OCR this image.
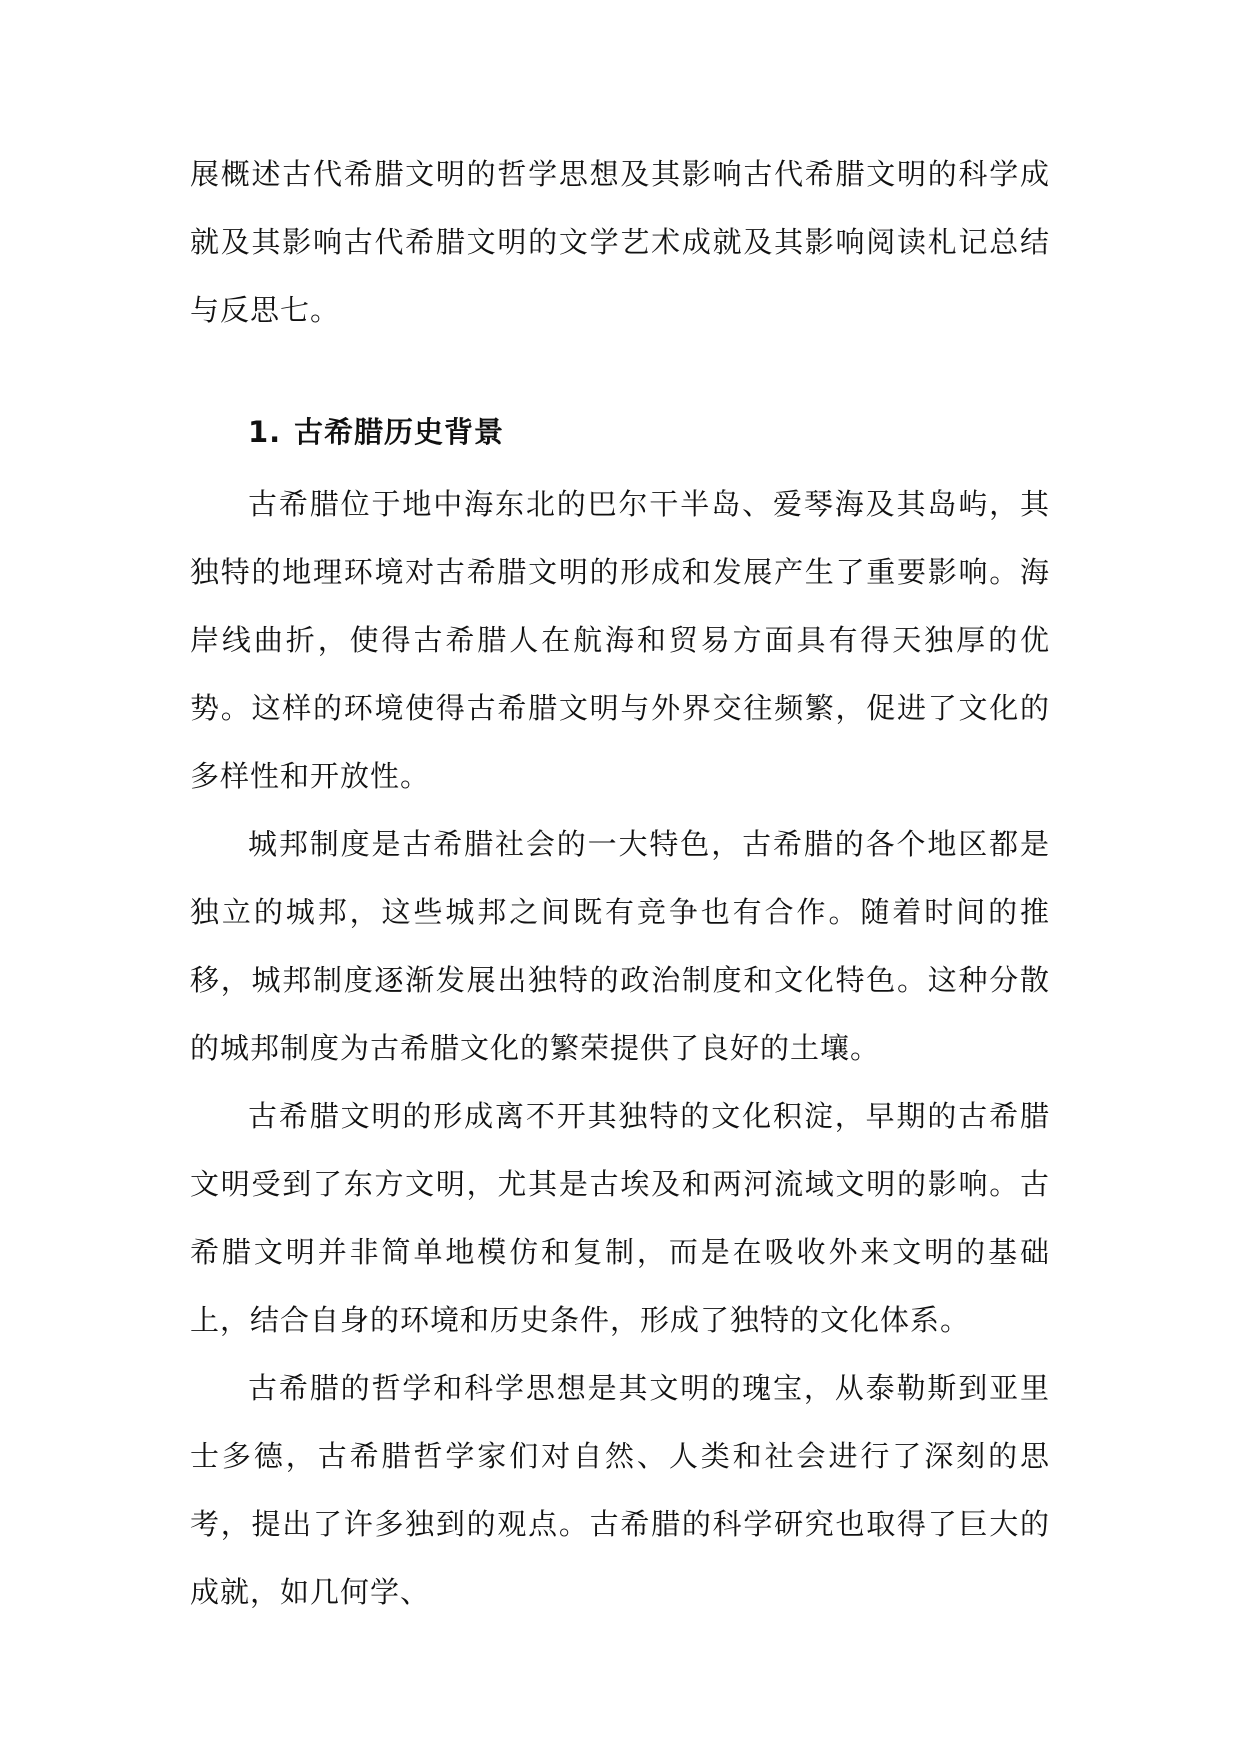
展概述古代希腊文明的哲学思想及其影响古代希腊文明的科学成就及其影响古代希腊文明的文学艺术成就及其影响阅读札记总结与反思七。
1. 古希腊历史背景

古希腊位于地中海东北的巴尔干半岛、爱琴海及其岛屿，其独特的地理环境对古希腊文明的形成和发展产生了重要影响。海岸线曲折，使得古希腊人在航海和贸易方面具有得天独厚的优势。这样的环境使得古希腊文明与外界交往频繁，促进了文化的多样性和开放性。

城邦制度是古希腊社会的一大特色，古希腊的各个地区都是独立的城邦，这些城邦之间既有竞争也有合作。随着时间的推移，城邦制度逐渐发展出独特的政治制度和文化特色。这种分散的城邦制度为古希腊文化的繁荣提供了良好的土壤。

古希腊文明的形成离不开其独特的文化积淀，早期的古希腊文明受到了东方文明，尤其是古埃及和两河流域文明的影响。古希腊文明并非简单地模仿和复制，而是在吸收外来文明的基础上，结合自身的环境和历史条件，形成了独特的文化体系。

古希腊的哲学和科学思想是其文明的瑰宝，从泰勒斯到亚里士多德，古希腊哲学家们对自然、人类和社会进行了深刻的思考，提出了许多独到的观点。古希腊的科学研究也取得了巨大的成就，如几何学、
